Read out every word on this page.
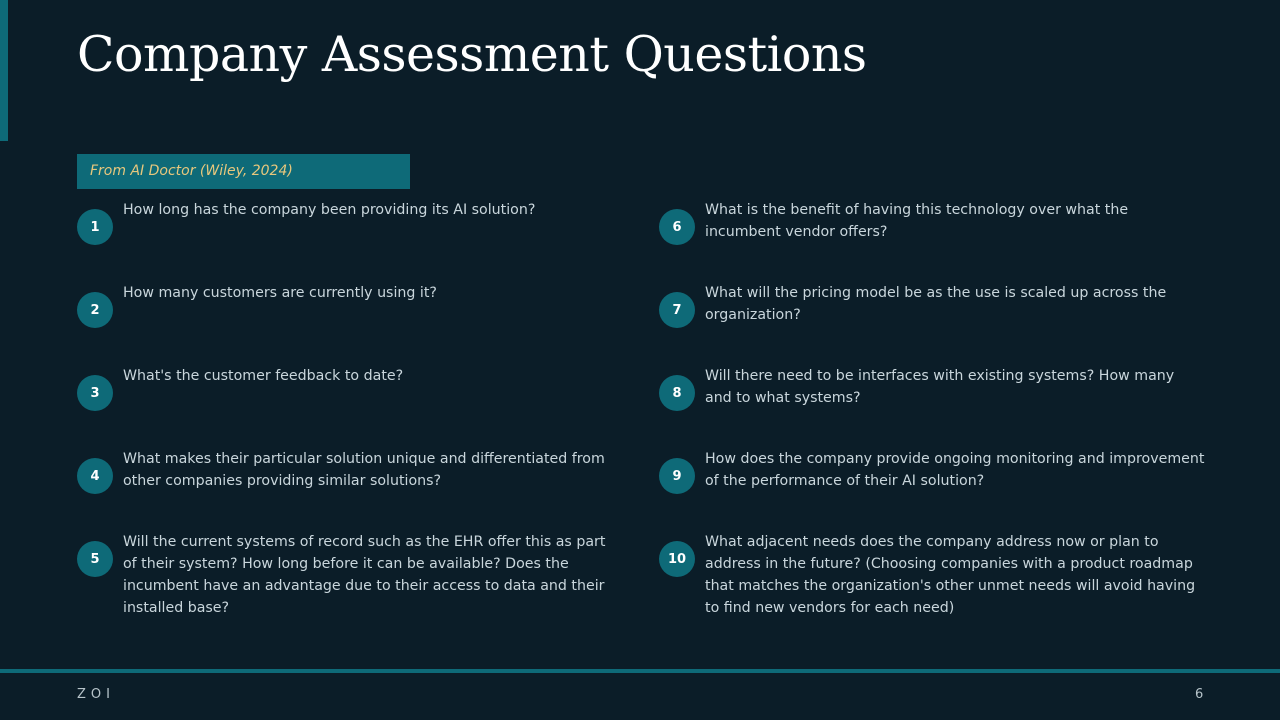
Company Assessment Questions
From AI Doctor (Wiley, 2024)
1
How long has the company been providing its AI solution?
2
How many customers are currently using it?
3
What's the customer feedback to date?
4
What makes their particular solution unique and differentiated from other companies providing similar solutions?
5
Will the current systems of record such as the EHR offer this as part of their system? How long before it can be available? Does the incumbent have an advantage due to their access to data and their installed base?
6
What is the benefit of having this technology over what the incumbent vendor offers?
7
What will the pricing model be as the use is scaled up across the organization?
8
Will there need to be interfaces with existing systems? How many and to what systems?
9
How does the company provide ongoing monitoring and improvement of the performance of their AI solution?
10
What adjacent needs does the company address now or plan to address in the future? (Choosing companies with a product roadmap that matches the organization's other unmet needs will avoid having to find new vendors for each need)
ZOI	6
